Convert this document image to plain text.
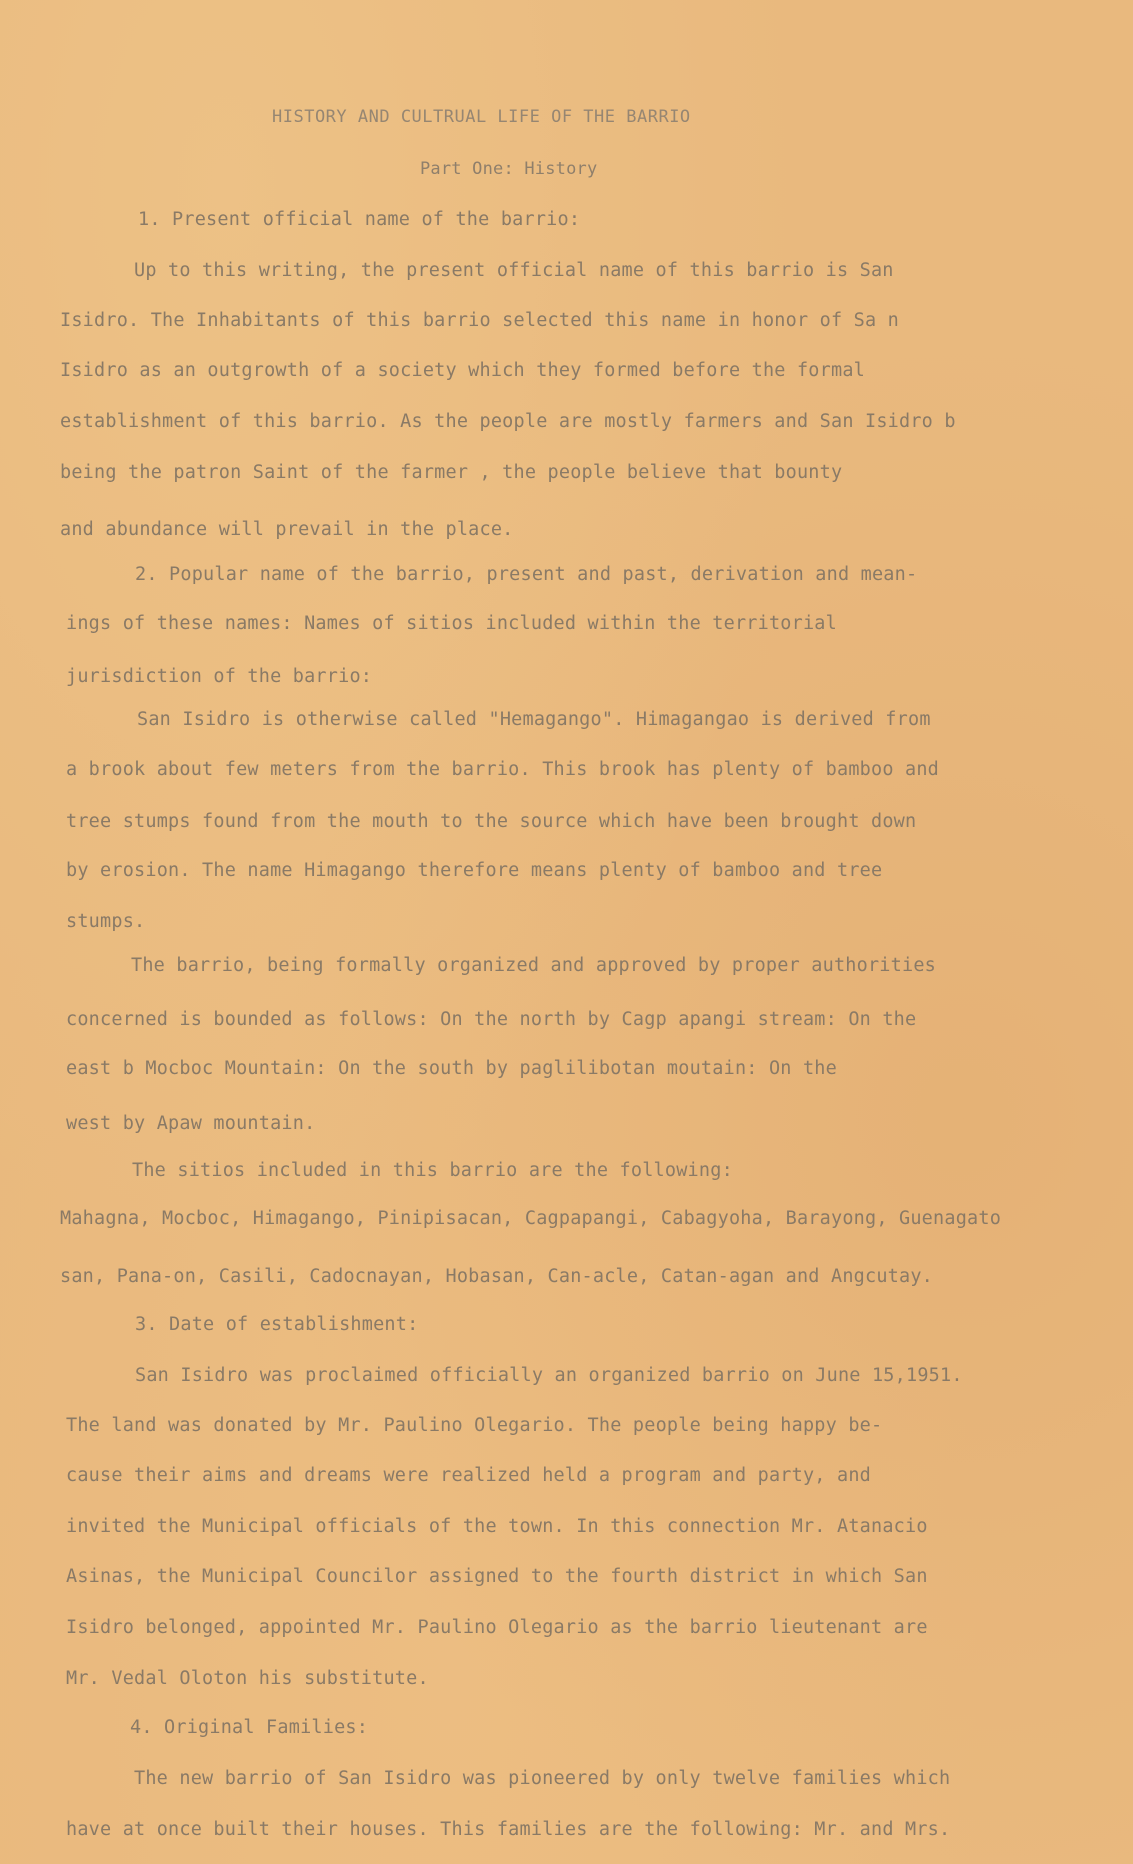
HISTORY AND CULTRUAL LIFE OF THE BARRIO
Part One: History
1. Present official name of the barrio:
Up to this writing, the present official name of this barrio is San
Isidro. The Inhabitants of this barrio selected this name in honor of Sa n
Isidro as an outgrowth of a society which they formed before the formal
establishment of this barrio. As the people are mostly farmers and San Isidro b
being the patron Saint of the farmer , the people believe that bounty
and abundance will prevail in the place.
2. Popular name of the barrio, present and past, derivation and mean-
ings of these names: Names of sitios included within the territorial
jurisdiction of the barrio:
San Isidro is otherwise called "Hemagango". Himagangao is derived from
a brook about few meters from the barrio. This brook has plenty of bamboo and
tree stumps found from the mouth to the source which have been brought down
by erosion. The name Himagango therefore means plenty of bamboo and tree
stumps.
The barrio, being formally organized and approved by proper authorities
concerned is bounded as follows: On the north by Cagp apangi stream: On the
east b Mocboc Mountain: On the south by paglilibotan moutain: On the
west by Apaw mountain.
The sitios included in this barrio are the following:
Mahagna, Mocboc, Himagango, Pinipisacan, Cagpapangi, Cabagyoha, Barayong, Guenagato
san, Pana-on, Casili, Cadocnayan, Hobasan, Can-acle, Catan-agan and Angcutay.
3. Date of establishment:
San Isidro was proclaimed officially an organized barrio on June 15,1951.
The land was donated by Mr. Paulino Olegario. The people being happy be-
cause their aims and dreams were realized held a program and party, and
invited the Municipal officials of the town. In this connection Mr. Atanacio
Asinas, the Municipal Councilor assigned to the fourth district in which San
Isidro belonged, appointed Mr. Paulino Olegario as the barrio lieutenant are
Mr. Vedal Oloton his substitute.
4. Original Families:
The new barrio of San Isidro was pioneered by only twelve families which
have at once built their houses. This families are the following: Mr. and Mrs.
